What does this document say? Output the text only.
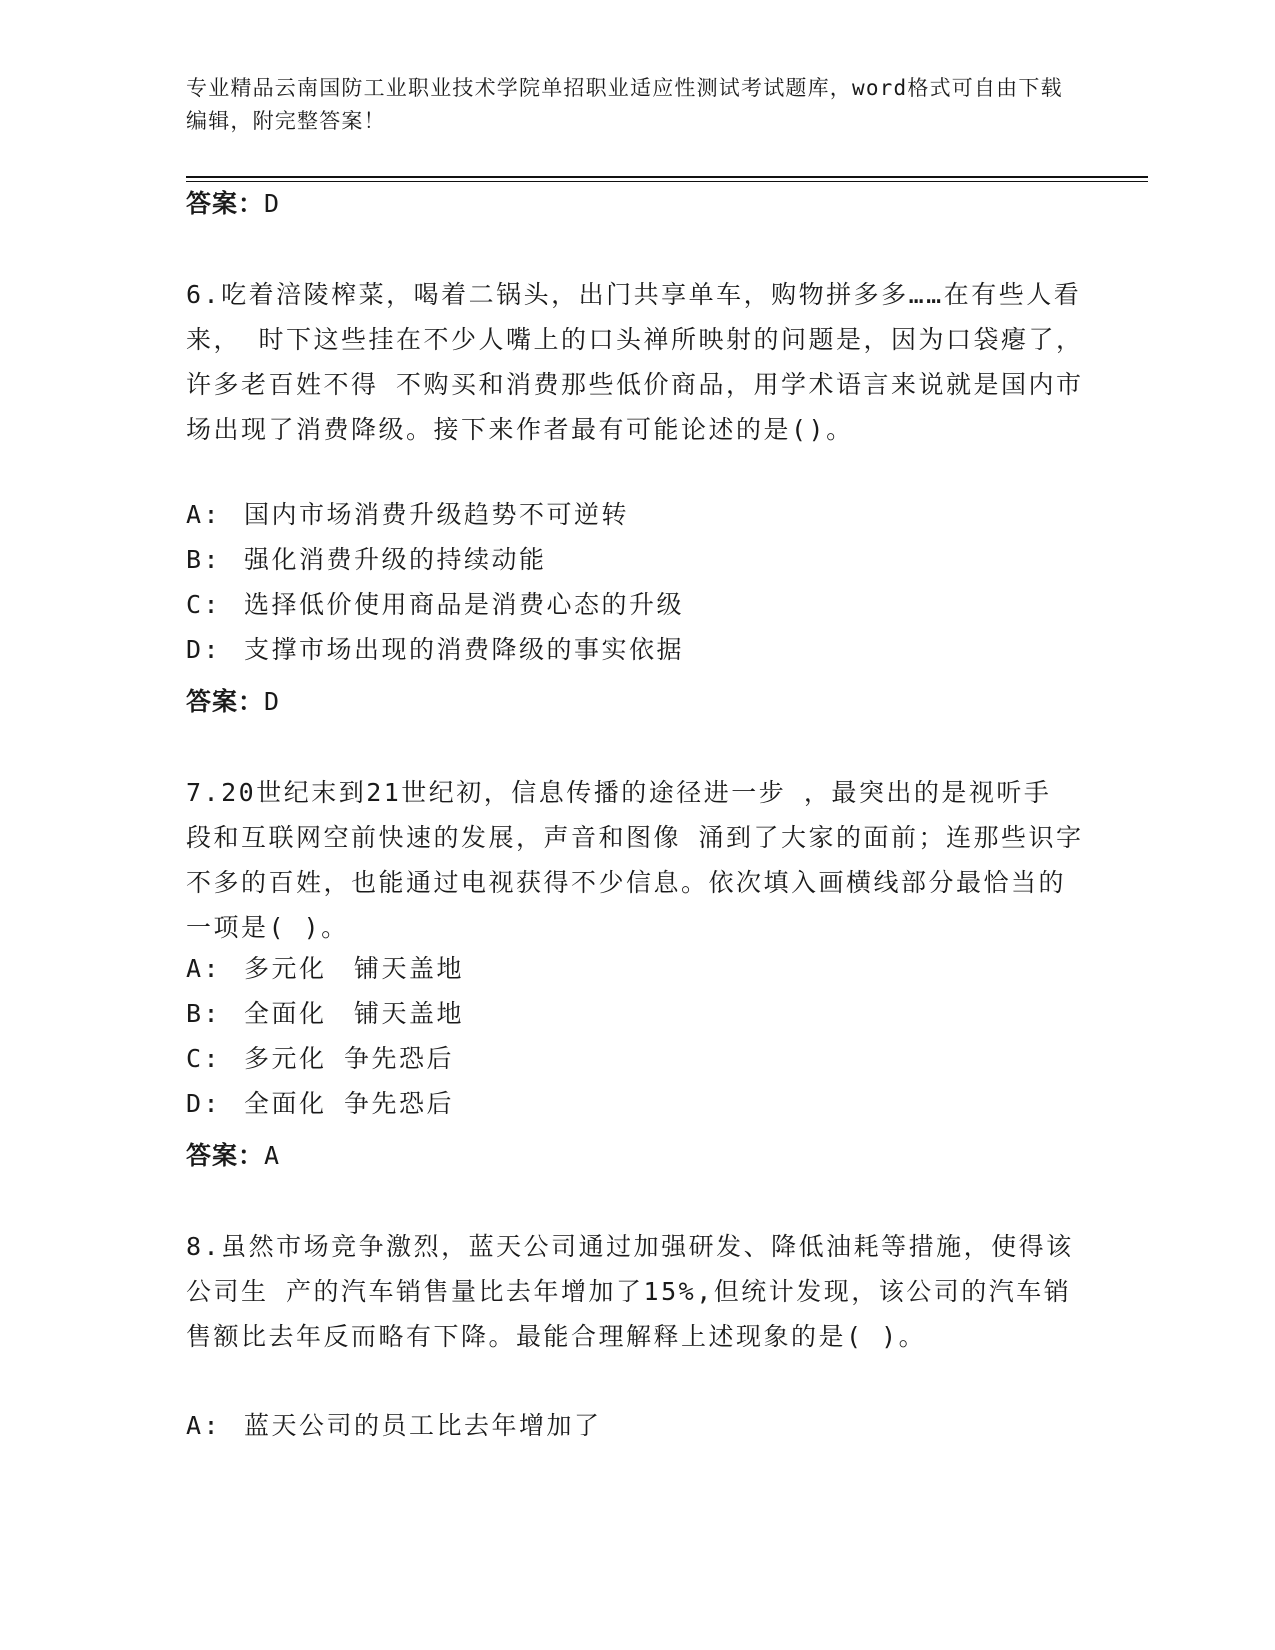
专业精品云南国防工业职业技术学院单招职业适应性测试考试题库，word格式可自由下载编辑，附完整答案！
答案：D
6.吃着涪陵榨菜，喝着二锅头，出门共享单车，购物拼多多……在有些人看来， 时下这些挂在不少人嘴上的口头禅所映射的问题是，因为口袋瘪了，许多老百姓不得 不购买和消费那些低价商品，用学术语言来说就是国内市场出现了消费降级。接下来作者最有可能论述的是()。
A: 国内市场消费升级趋势不可逆转
B: 强化消费升级的持续动能
C: 选择低价使用商品是消费心态的升级
D: 支撑市场出现的消费降级的事实依据
答案：D
7.20世纪末到21世纪初，信息传播的途径进一步 ，最突出的是视听手 段和互联网空前快速的发展，声音和图像 涌到了大家的面前；连那些识字不多的百姓，也能通过电视获得不少信息。依次填入画横线部分最恰当的一项是( )。
A: 多元化　铺天盖地
B: 全面化　铺天盖地
C: 多元化 争先恐后
D: 全面化 争先恐后
答案：A
8.虽然市场竞争激烈，蓝天公司通过加强研发、降低油耗等措施，使得该公司生 产的汽车销售量比去年增加了15%,但统计发现，该公司的汽车销售额比去年反而略有下降。最能合理解释上述现象的是( )。
A: 蓝天公司的员工比去年增加了
